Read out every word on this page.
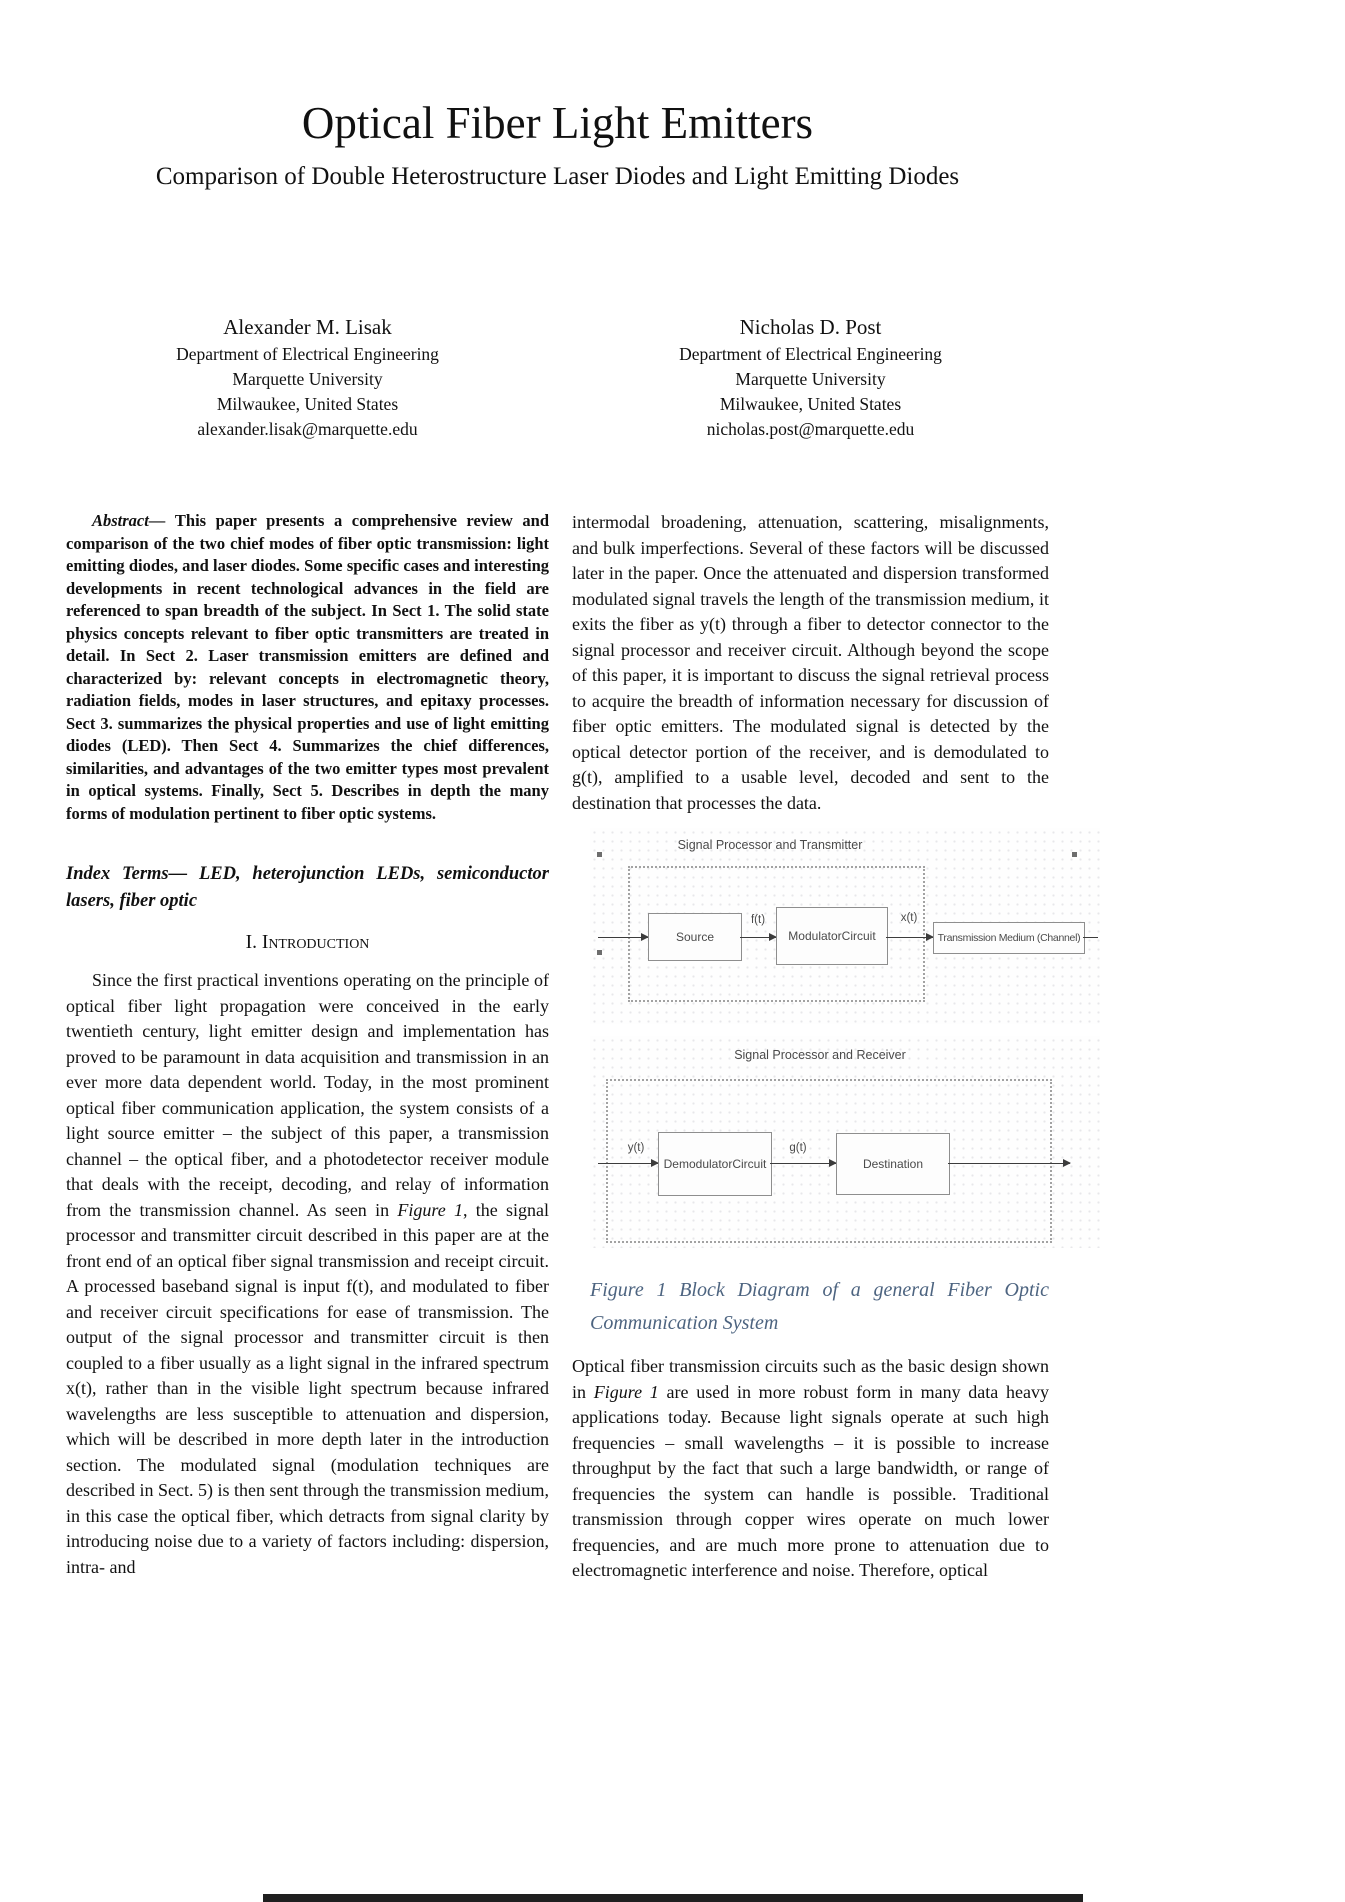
Optical Fiber Light Emitters
Comparison of Double Heterostructure Laser Diodes and Light Emitting Diodes
Alexander M. Lisak
Department of Electrical Engineering
Marquette University
Milwaukee, United States
alexander.lisak@marquette.edu
Nicholas D. Post
Department of Electrical Engineering
Marquette University
Milwaukee, United States
nicholas.post@marquette.edu

Abstract— This paper presents a comprehensive review and comparison of the two chief modes of fiber optic transmission: light emitting diodes, and laser diodes. Some specific cases and interesting developments in recent technological advances in the field are referenced to span breadth of the subject. In Sect 1. The solid state physics concepts relevant to fiber optic transmitters are treated in detail. In Sect 2. Laser transmission emitters are defined and characterized by: relevant concepts in electromagnetic theory, radiation fields, modes in laser structures, and epitaxy processes. Sect 3. summarizes the physical properties and use of light emitting diodes (LED). Then Sect 4. Summarizes the chief differences, similarities, and advantages of the two emitter types most prevalent in optical systems. Finally, Sect 5. Describes in depth the many forms of modulation pertinent to fiber optic systems.

Index Terms— LED, heterojunction LEDs, semiconductor lasers, fiber optic

I. Introduction

Since the first practical inventions operating on the principle of optical fiber light propagation were conceived in the early twentieth century, light emitter design and implementation has proved to be paramount in data acquisition and transmission in an ever more data dependent world. Today, in the most prominent optical fiber communication application, the system consists of a light source emitter – the subject of this paper, a transmission channel – the optical fiber, and a photodetector receiver module that deals with the receipt, decoding, and relay of information from the transmission channel. As seen in Figure 1, the signal processor and transmitter circuit described in this paper are at the front end of an optical fiber signal transmission and receipt circuit. A processed baseband signal is input f(t), and modulated to fiber and receiver circuit specifications for ease of transmission. The output of the signal processor and transmitter circuit is then coupled to a fiber usually as a light signal in the infrared spectrum x(t), rather than in the visible light spectrum because infrared wavelengths are less susceptible to attenuation and dispersion, which will be described in more depth later in the introduction section. The modulated signal (modulation techniques are described in Sect. 5) is then sent through the transmission medium, in this case the optical fiber, which detracts from signal clarity by introducing noise due to a variety of factors including: dispersion, intra- and

intermodal broadening, attenuation, scattering, misalignments, and bulk imperfections. Several of these factors will be discussed later in the paper. Once the attenuated and dispersion transformed modulated signal travels the length of the transmission medium, it exits the fiber as y(t) through a fiber to detector connector to the signal processor and receiver circuit. Although beyond the scope of this paper, it is important to discuss the signal retrieval process to acquire the breadth of information necessary for discussion of fiber optic emitters. The modulated signal is detected by the optical detector portion of the receiver, and is demodulated to g(t), amplified to a usable level, decoded and sent to the destination that processes the data.

Signal Processor and Transmitter
Source
f(t)
Modulator Circuit
x(t)
Transmission Medium (Channel)
Signal Processor and Receiver
y(t)
Demodulator Circuit
g(t)
Destination
Figure 1 Block Diagram of a general Fiber Optic
Communication System

Optical fiber transmission circuits such as the basic design shown in Figure 1 are used in more robust form in many data heavy applications today. Because light signals operate at such high frequencies – small wavelengths – it is possible to increase throughput by the fact that such a large bandwidth, or range of frequencies the system can handle is possible. Traditional transmission through copper wires operate on much lower frequencies, and are much more prone to attenuation due to electromagnetic interference and noise. Therefore, optical
